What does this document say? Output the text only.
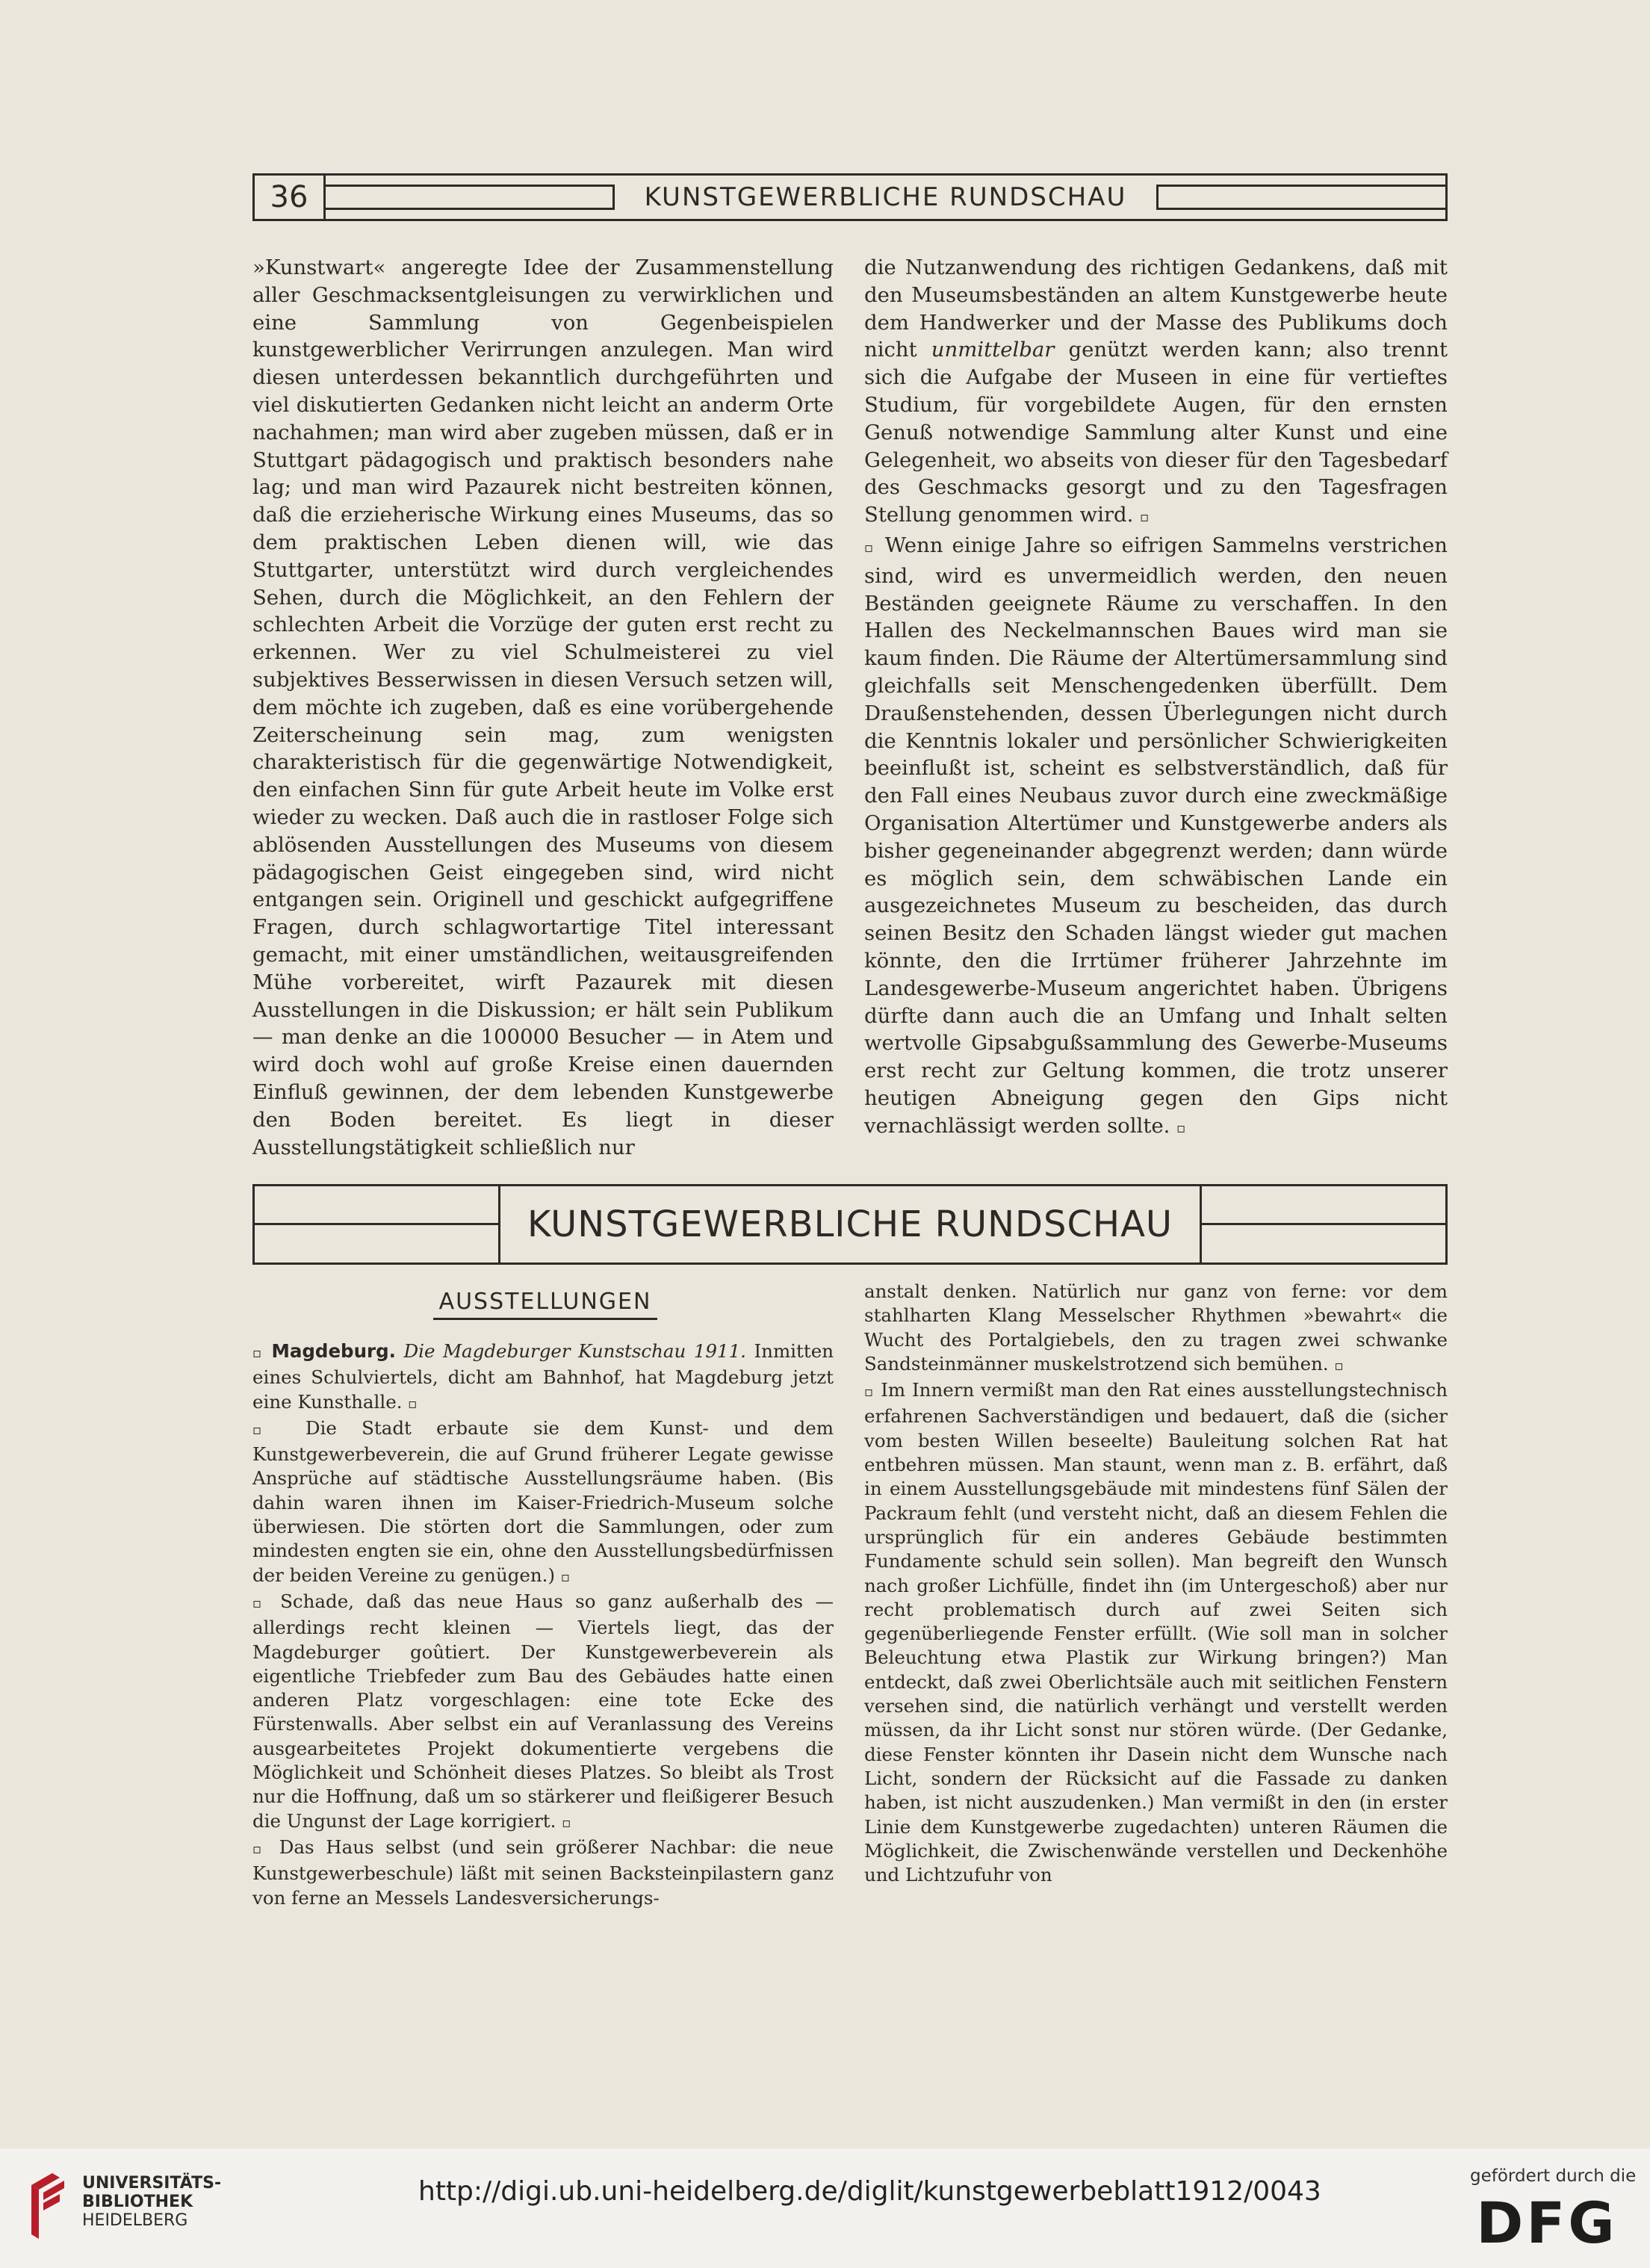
36	KUNSTGEWERBLICHE RUNDSCHAU

»Kunstwart« angeregte Idee der Zusammenstellung aller Geschmacksentgleisungen zu verwirklichen und eine Sammlung von Gegenbeispielen kunstgewerblicher Verirrungen anzulegen. Man wird diesen unterdessen bekanntlich durchgeführten und viel diskutierten Gedanken nicht leicht an anderm Orte nachahmen; man wird aber zugeben müssen, daß er in Stuttgart pädagogisch und praktisch besonders nahe lag; und man wird Pazaurek nicht bestreiten können, daß die erzieherische Wirkung eines Museums, das so dem praktischen Leben dienen will, wie das Stuttgarter, unterstützt wird durch vergleichendes Sehen, durch die Möglichkeit, an den Fehlern der schlechten Arbeit die Vorzüge der guten erst recht zu erkennen. Wer zu viel Schulmeisterei zu viel subjektives Besserwissen in diesen Versuch setzen will, dem möchte ich zugeben, daß es eine vorübergehende Zeiterscheinung sein mag, zum wenigsten charakteristisch für die gegenwärtige Notwendigkeit, den einfachen Sinn für gute Arbeit heute im Volke erst wieder zu wecken. Daß auch die in rastloser Folge sich ablösenden Ausstellungen des Museums von diesem pädagogischen Geist eingegeben sind, wird nicht entgangen sein. Originell und geschickt aufgegriffene Fragen, durch schlagwortartige Titel interessant gemacht, mit einer umständlichen, weitausgreifenden Mühe vorbereitet, wirft Pazaurek mit diesen Ausstellungen in die Diskussion; er hält sein Publikum — man denke an die 100000 Besucher — in Atem und wird doch wohl auf große Kreise einen dauernden Einfluß gewinnen, der dem lebenden Kunstgewerbe den Boden bereitet. Es liegt in dieser Ausstellungstätigkeit schließlich nur

die Nutzanwendung des richtigen Gedankens, daß mit den Museumsbeständen an altem Kunstgewerbe heute dem Handwerker und der Masse des Publikums doch nicht unmittelbar genützt werden kann; also trennt sich die Aufgabe der Museen in eine für vertieftes Studium, für vorgebildete Augen, für den ernsten Genuß notwendige Sammlung alter Kunst und eine Gelegenheit, wo abseits von dieser für den Tagesbedarf des Geschmacks gesorgt und zu den Tagesfragen Stellung genommen wird. ▫

▫ Wenn einige Jahre so eifrigen Sammelns verstrichen sind, wird es unvermeidlich werden, den neuen Beständen geeignete Räume zu verschaffen. In den Hallen des Neckelmannschen Baues wird man sie kaum finden. Die Räume der Altertümersammlung sind gleichfalls seit Menschengedenken überfüllt. Dem Draußenstehenden, dessen Überlegungen nicht durch die Kenntnis lokaler und persönlicher Schwierigkeiten beeinflußt ist, scheint es selbstverständlich, daß für den Fall eines Neubaus zuvor durch eine zweckmäßige Organisation Altertümer und Kunstgewerbe anders als bisher gegeneinander abgegrenzt werden; dann würde es möglich sein, dem schwäbischen Lande ein ausgezeichnetes Museum zu bescheiden, das durch seinen Besitz den Schaden längst wieder gut machen könnte, den die Irrtümer früherer Jahrzehnte im Landesgewerbe-Museum angerichtet haben. Übrigens dürfte dann auch die an Umfang und Inhalt selten wertvolle Gipsabgußsammlung des Gewerbe-Museums erst recht zur Geltung kommen, die trotz unserer heutigen Abneigung gegen den Gips nicht vernachlässigt werden sollte. ▫

KUNSTGEWERBLICHE RUNDSCHAU
AUSSTELLUNGEN

▫ Magdeburg. Die Magdeburger Kunstschau 1911. Inmitten eines Schulviertels, dicht am Bahnhof, hat Magdeburg jetzt eine Kunsthalle. ▫

▫ Die Stadt erbaute sie dem Kunst- und dem Kunstgewerbeverein, die auf Grund früherer Legate gewisse Ansprüche auf städtische Ausstellungsräume haben. (Bis dahin waren ihnen im Kaiser-Friedrich-Museum solche überwiesen. Die störten dort die Sammlungen, oder zum mindesten engten sie ein, ohne den Ausstellungsbedürfnissen der beiden Vereine zu genügen.) ▫

▫ Schade, daß das neue Haus so ganz außerhalb des — allerdings recht kleinen — Viertels liegt, das der Magdeburger goûtiert. Der Kunstgewerbeverein als eigentliche Triebfeder zum Bau des Gebäudes hatte einen anderen Platz vorgeschlagen: eine tote Ecke des Fürstenwalls. Aber selbst ein auf Veranlassung des Vereins ausgearbeitetes Projekt dokumentierte vergebens die Möglichkeit und Schönheit dieses Platzes. So bleibt als Trost nur die Hoffnung, daß um so stärkerer und fleißigerer Besuch die Ungunst der Lage korrigiert. ▫

▫ Das Haus selbst (und sein größerer Nachbar: die neue Kunstgewerbeschule) läßt mit seinen Backsteinpilastern ganz von ferne an Messels Landesversicherungs-

anstalt denken. Natürlich nur ganz von ferne: vor dem stahlharten Klang Messelscher Rhythmen »bewahrt« die Wucht des Portalgiebels, den zu tragen zwei schwanke Sandsteinmänner muskelstrotzend sich bemühen. ▫

▫ Im Innern vermißt man den Rat eines ausstellungstechnisch erfahrenen Sachverständigen und bedauert, daß die (sicher vom besten Willen beseelte) Bauleitung solchen Rat hat entbehren müssen. Man staunt, wenn man z. B. erfährt, daß in einem Ausstellungsgebäude mit mindestens fünf Sälen der Packraum fehlt (und versteht nicht, daß an diesem Fehlen die ursprünglich für ein anderes Gebäude bestimmten Fundamente schuld sein sollen). Man begreift den Wunsch nach großer Lichfülle, findet ihn (im Untergeschoß) aber nur recht problematisch durch auf zwei Seiten sich gegenüberliegende Fenster erfüllt. (Wie soll man in solcher Beleuchtung etwa Plastik zur Wirkung bringen?) Man entdeckt, daß zwei Oberlichtsäle auch mit seitlichen Fenstern versehen sind, die natürlich verhängt und verstellt werden müssen, da ihr Licht sonst nur stören würde. (Der Gedanke, diese Fenster könnten ihr Dasein nicht dem Wunsche nach Licht, sondern der Rücksicht auf die Fassade zu danken haben, ist nicht auszudenken.) Man vermißt in den (in erster Linie dem Kunstgewerbe zugedachten) unteren Räumen die Möglichkeit, die Zwischenwände verstellen und Deckenhöhe und Lichtzufuhr von

UNIVERSITÄTS-
BIBLIOTHEK
HEIDELBERG
http://digi.ub.uni-heidelberg.de/diglit/kunstgewerbeblatt1912/0043	gefördert durch die
DFG
